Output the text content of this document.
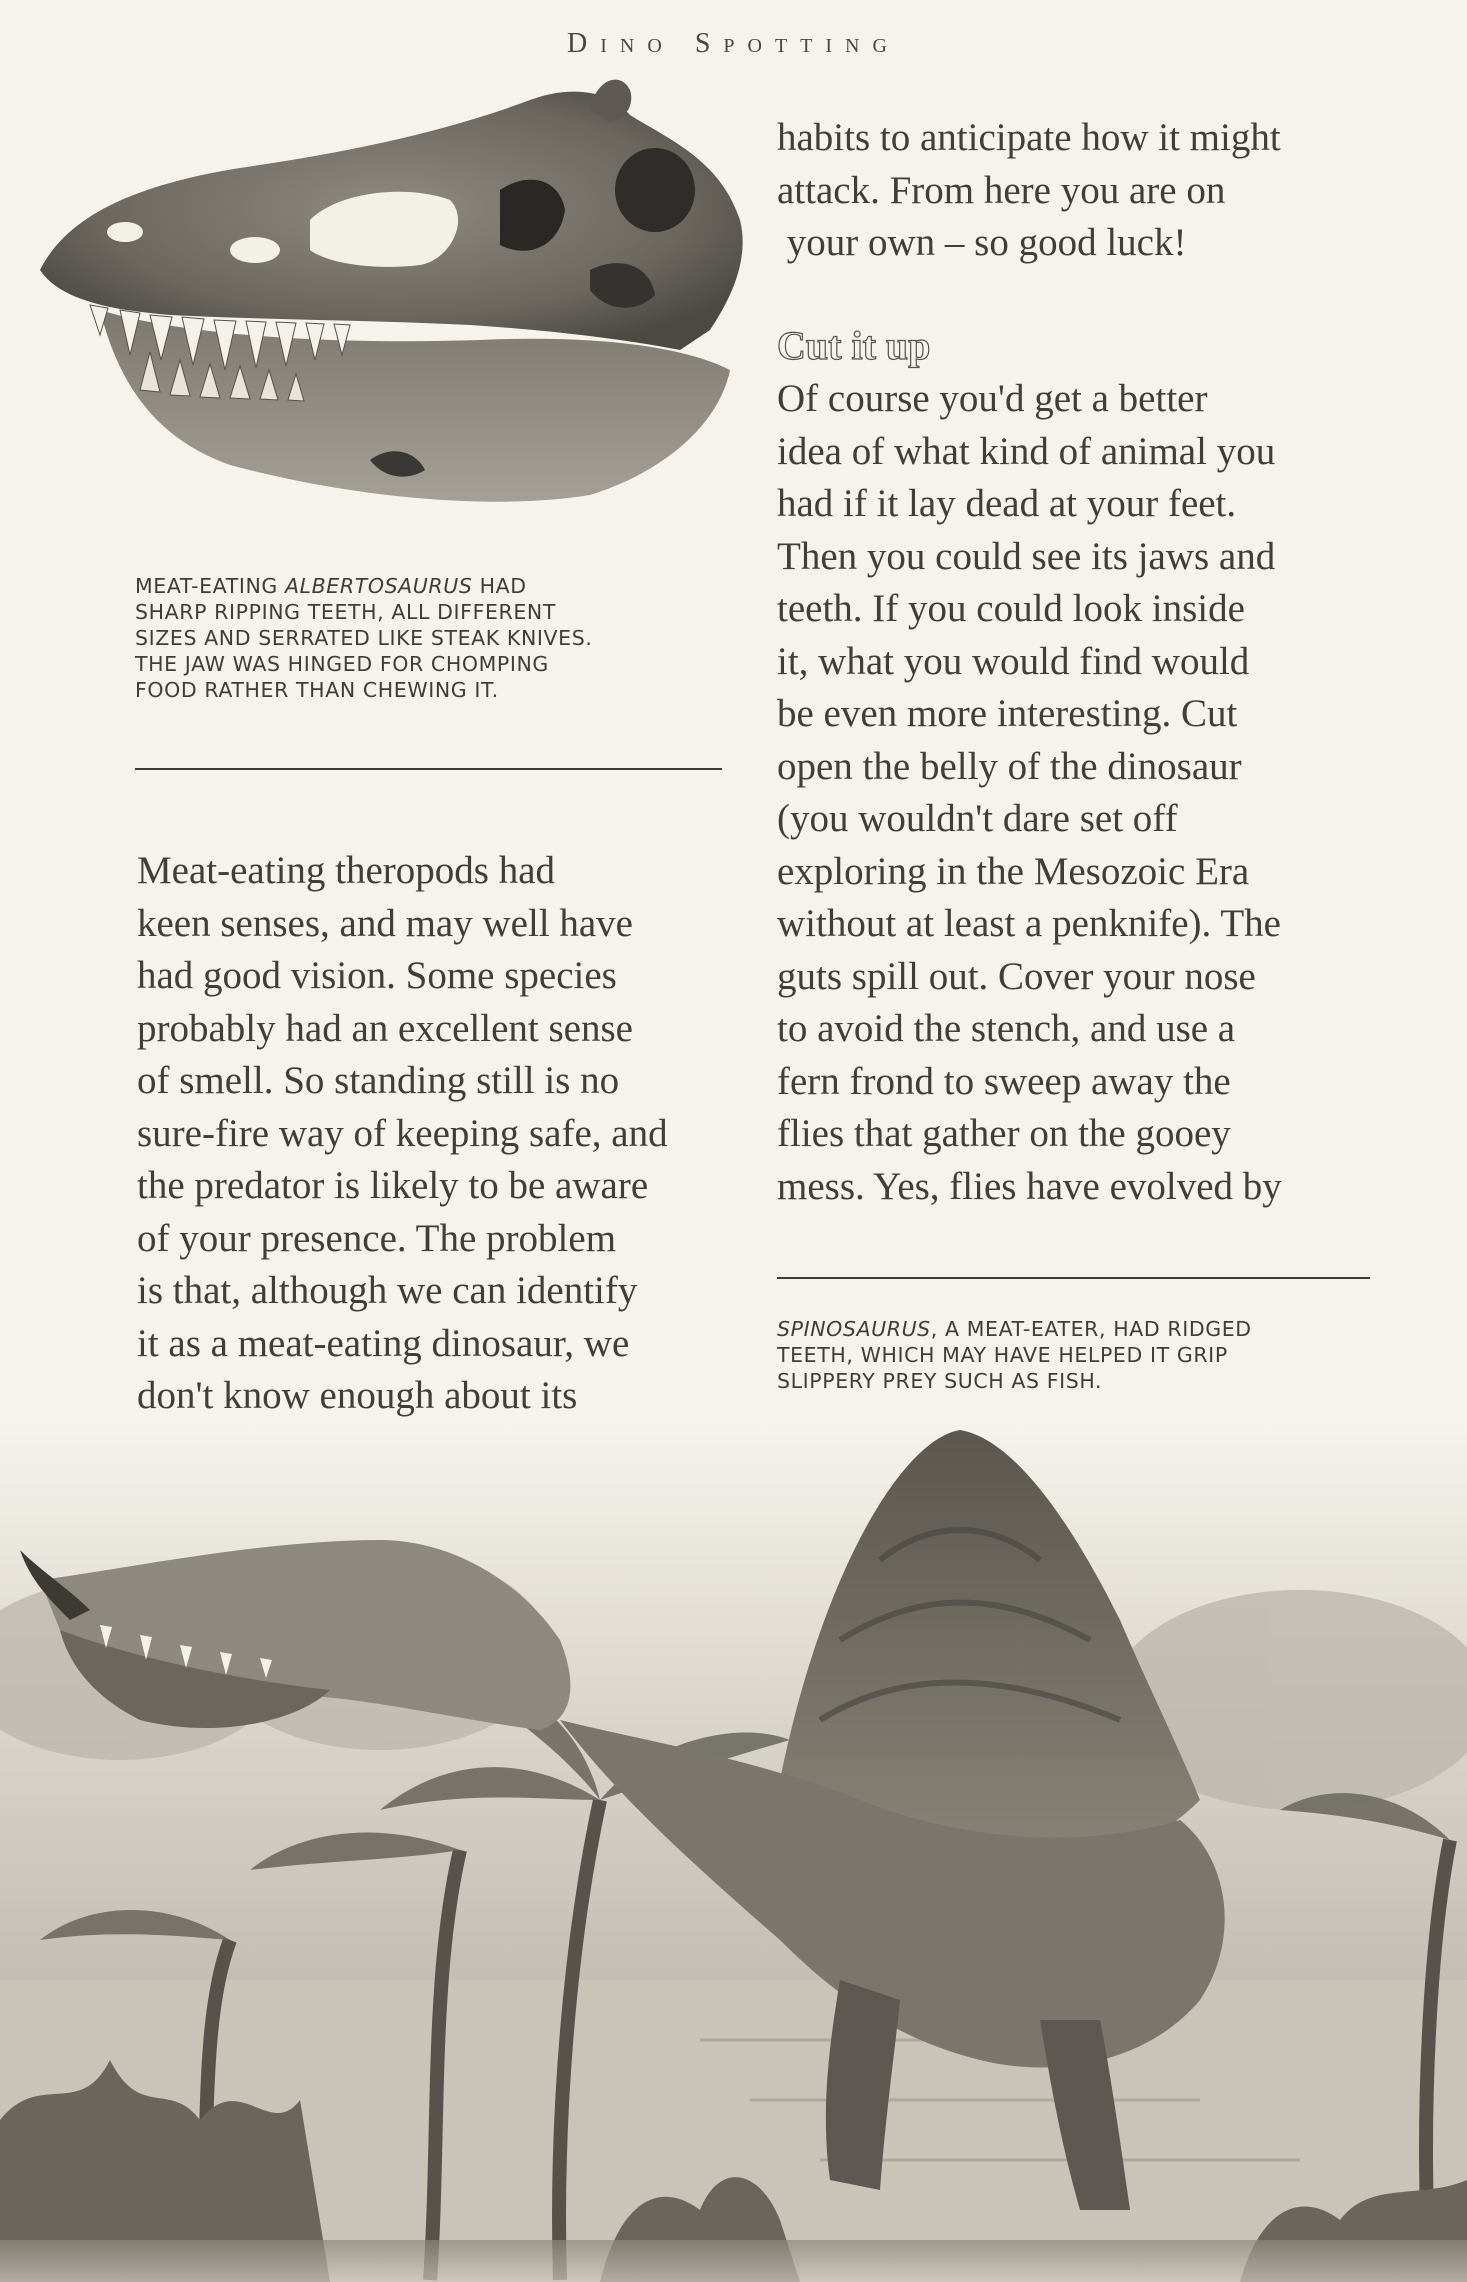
Dino Spotting
MEAT-EATING ALBERTOSAURUS HAD
SHARP RIPPING TEETH, ALL DIFFERENT
SIZES AND SERRATED LIKE STEAK KNIVES.
THE JAW WAS HINGED FOR CHOMPING
FOOD RATHER THAN CHEWING IT.
Meat-eating theropods had
keen senses, and may well have
had good vision. Some species
probably had an excellent sense
of smell. So standing still is no
sure-fire way of keeping safe, and
the predator is likely to be aware
of your presence. The problem
is that, although we can identify
it as a meat-eating dinosaur, we
don't know enough about its
habits to anticipate how it might
attack. From here you are on
your own – so good luck!
Cut it up
Of course you'd get a better
idea of what kind of animal you
had if it lay dead at your feet.
Then you could see its jaws and
teeth. If you could look inside
it, what you would find would
be even more interesting. Cut
open the belly of the dinosaur
(you wouldn't dare set off
exploring in the Mesozoic Era
without at least a penknife). The
guts spill out. Cover your nose
to avoid the stench, and use a
fern frond to sweep away the
flies that gather on the gooey
mess. Yes, flies have evolved by
SPINOSAURUS, A MEAT-EATER, HAD RIDGED
TEETH, WHICH MAY HAVE HELPED IT GRIP
SLIPPERY PREY SUCH AS FISH.
